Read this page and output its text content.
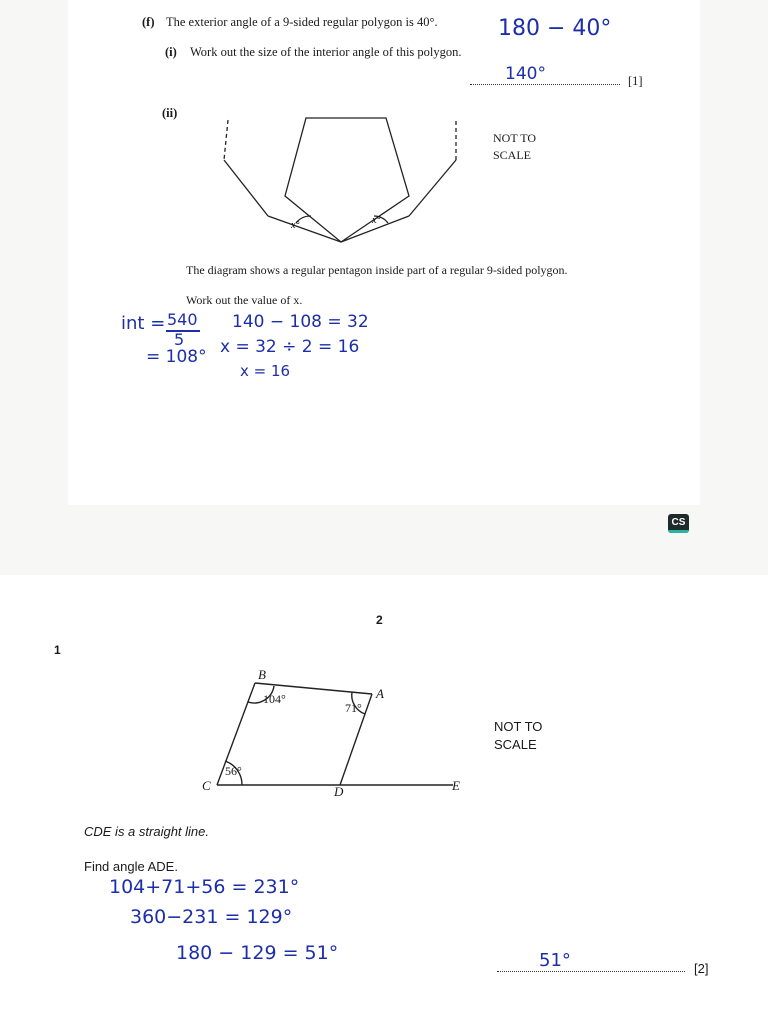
(f) The exterior angle of a 9-sided regular polygon is 40°.
(i) Work out the size of the interior angle of this polygon.
180 − 40°
140°	[1]
(ii)
x°	x°
NOT TO
SCALE
The diagram shows a regular pentagon inside part of a regular 9-sided polygon.
Work out the value of x.
int = 540
5
= 108°
140 − 108 = 32
x = 32 ÷ 2 = 16
x = 16
CS
2
1
B
A
C	D	E
104°
71°
56°
NOT TO
SCALE
CDE is a straight line.
Find angle ADE.
104+71+56 = 231°
360−231 = 129°
180 − 129 = 51°	51°	[2]
